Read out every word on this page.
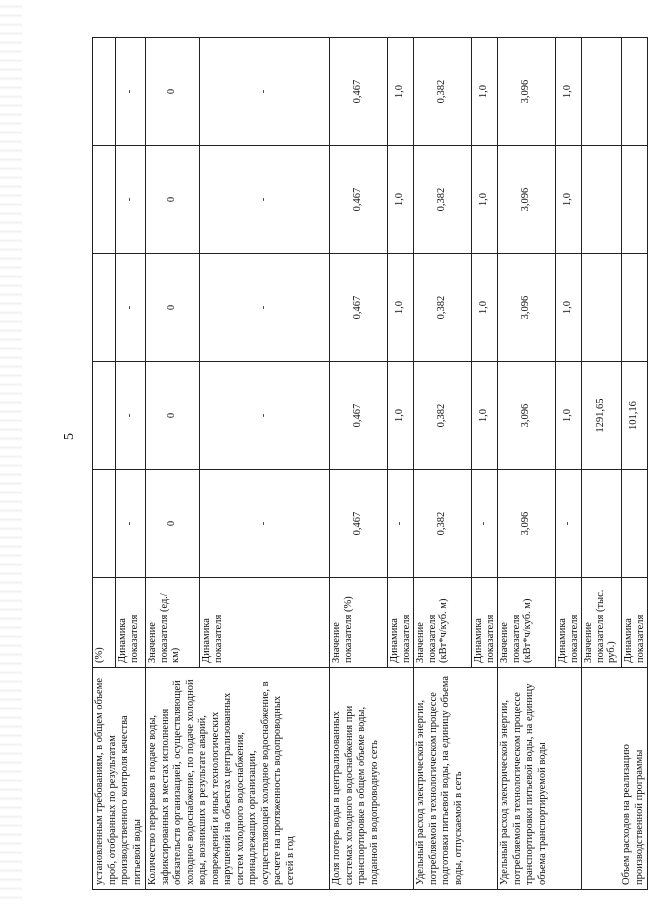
5
установленным требованиям, в общем объеме проб, отобранных по результатам производственного контроля качества питьевой воды	(%)					
	Динамика показателя	-	-	-	-	-
Количество перерывов в подаче воды, зафиксированных в местах исполнения обязательств организацией, осуществляющей холодное водоснабжение, по подаче холодной воды, возникших в результате аварий, повреждений и иных технологических нарушений на объектах централизованных систем холодного водоснабжения, принадлежащих организации, осуществляющей холодное водоснабжение, в расчете на протяженность водопроводных сетей в год	Значение показателя (ед./км)	0	0	0	0	0
	Динамика показателя	-	-	-	-	-
Доля потерь воды в централизованных системах холодного водоснабжения при транспортировке в общем объеме воды, поданной в водопроводную сеть	Значение показателя (%)	0,467	0,467	0,467	0,467	0,467
	Динамика показателя	-	1,0	1,0	1,0	1,0
Удельный расход электрической энергии, потребляемой в технологическом процессе подготовки питьевой воды, на единицу объема воды, отпускаемой в сеть	Значение показателя (кВт*ч/куб. м)	0,382	0,382	0,382	0,382	0,382
	Динамика показателя	-	1,0	1,0	1,0	1,0
Удельный расход электрической энергии, потребляемой в технологическом процессе транспортировки питьевой воды, на единицу объема транспортируемой воды	Значение показателя (кВт*ч/куб. м)	3,096	3,096	3,096	3,096	3,096
	Динамика показателя	-	1,0	1,0	1,0	1,0
Объем расходов на реализацию производственной программы	Значение показателя (тыс. руб.)		1291,65			
	Динамика показателя		101,16			
